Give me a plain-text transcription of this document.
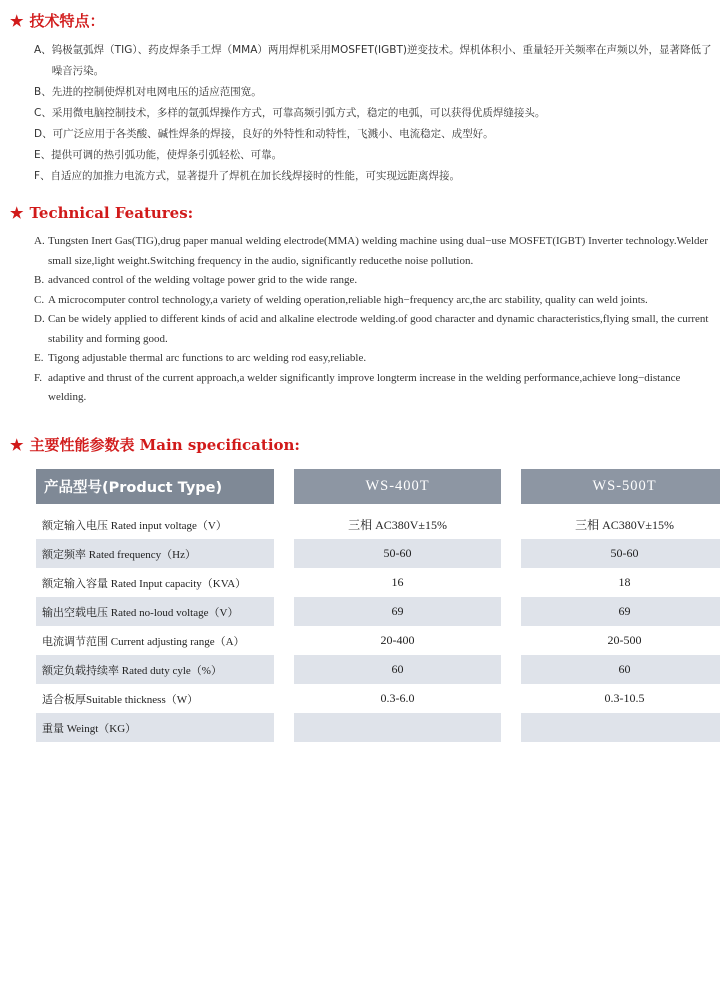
★ 技术特点：
A、 钨极氩弧焊（TIG）、药皮焊条手工焊（MMA）两用焊机采用MOSFET(IGBT)逆变技术。焊机体积小、重量轻开关频率在声频以外，显著降低了噪音污染。
B、 先进的控制使焊机对电网电压的适应范围宽。
C、 采用微电脑控制技术，多样的氩弧焊操作方式，可靠高频引弧方式，稳定的电弧，可以获得优质焊缝接头。
D、 可广泛应用于各类酸、碱性焊条的焊接，良好的外特性和动特性，飞溅小、电流稳定、成型好。
E、 提供可调的热引弧功能，使焊条引弧轻松、可靠。
F、 自适应的加推力电流方式，显著提升了焊机在加长线焊接时的性能，可实现远距离焊接。
★ Technical Features:
A. Tungsten Inert Gas(TIG),drug paper manual welding electrode(MMA) welding machine using dual−use MOSFET(IGBT) Inverter technology.Welder small size,light weight.Switching frequency in the audio, significantly reducethe noise pollution.
B. advanced control of the welding voltage power grid to the wide range.
C. A microcomputer control technology,a variety of welding operation,reliable high−frequency arc,the arc stability, quality can weld joints.
D. Can be widely applied to different kinds of acid and alkaline electrode welding.of good character and dynamic characteristics,flying small, the current stability and forming good.
E. Tigong adjustable thermal arc functions to arc welding rod easy,reliable.
F. adaptive and thrust of the current approach,a welder significantly improve longterm increase in the welding performance,achieve long−distance welding.
★ 主要性能参数表 Main specification:
产品型号(Product Type)		WS-400T		WS-500T
额定输入电压 Rated input voltage（V）		三相 AC380V±15%		三相 AC380V±15%
额定频率 Rated frequency（Hz）		50-60		50-60
额定输入容量 Rated Input capacity（KVA）		16		18
输出空载电压 Rated no-loud voltage（V）		69		69
电流调节范围 Current adjusting range（A）		20-400		20-500
额定负载持续率 Rated duty cyle（%）		60		60
适合板厚Suitable thickness（W）		0.3-6.0		0.3-10.5
重量 Weingt（KG）				
